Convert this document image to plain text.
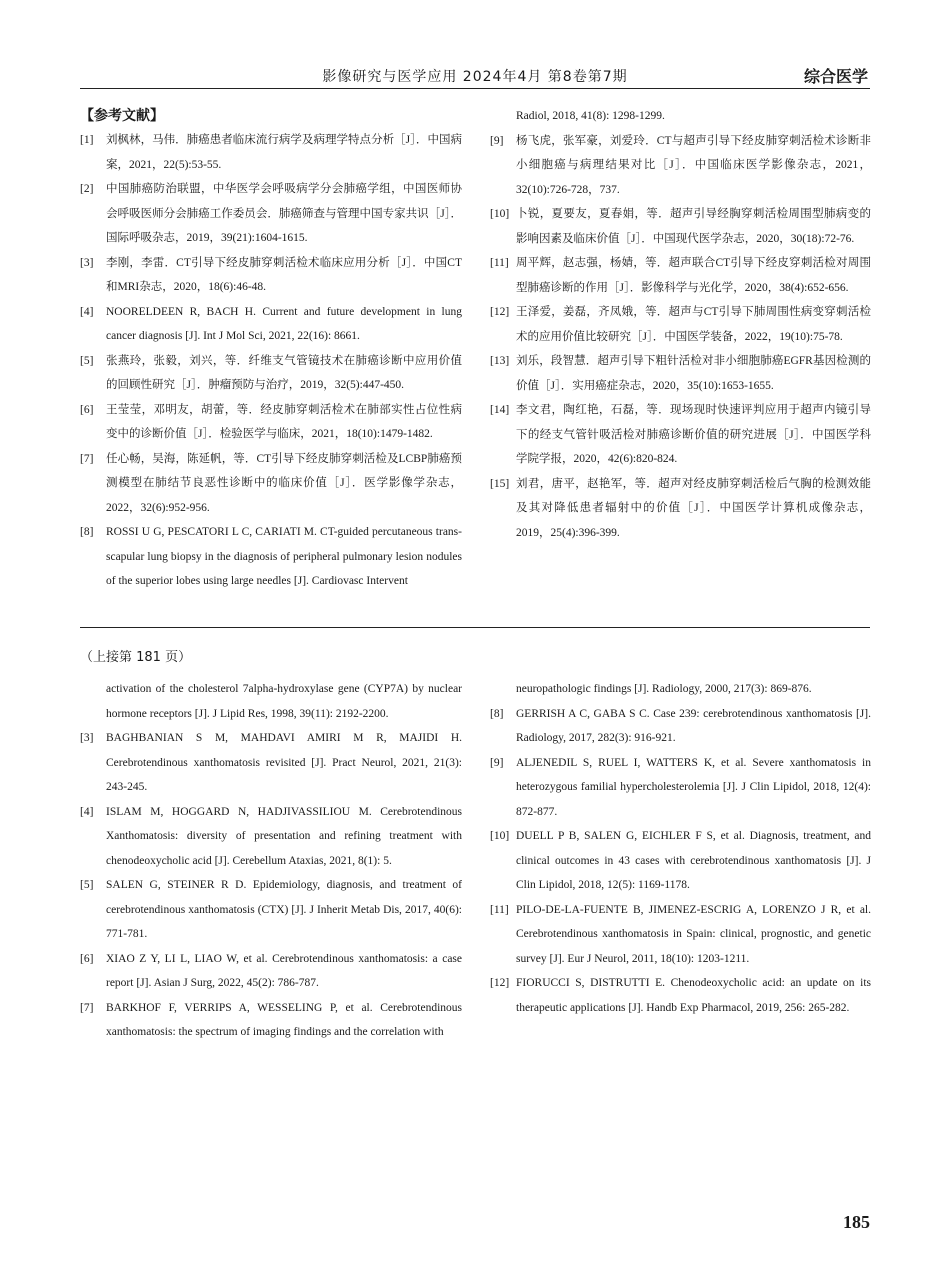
影像研究与医学应用 2024年4月 第8卷第7期	综合医学

【参考文献】

[1] 刘枫林，马伟．肺癌患者临床流行病学及病理学特点分析［J］．中国病案，2021，22(5):53-55.

[2] 中国肺癌防治联盟，中华医学会呼吸病学分会肺癌学组，中国医师协会呼吸医师分会肺癌工作委员会．肺癌筛查与管理中国专家共识［J］．国际呼吸杂志，2019，39(21):1604-1615.

[3] 李刚，李雷．CT引导下经皮肺穿刺活检术临床应用分析［J］．中国CT和MRI杂志，2020，18(6):46-48.

[4] NOORELDEEN R, BACH H. Current and future development in lung cancer diagnosis [J]. Int J Mol Sci, 2021, 22(16): 8661.

[5] 张燕玲，张毅，刘兴，等．纤维支气管镜技术在肺癌诊断中应用价值的回顾性研究［J］．肿瘤预防与治疗，2019，32(5):447-450.

[6] 王莹莹，邓明友，胡蕾，等．经皮肺穿刺活检术在肺部实性占位性病变中的诊断价值［J］．检验医学与临床，2021，18(10):1479-1482.

[7] 任心畅，吴海，陈延帆，等．CT引导下经皮肺穿刺活检及LCBP肺癌预测模型在肺结节良恶性诊断中的临床价值［J］．医学影像学杂志，2022，32(6):952-956.

[8] ROSSI U G, PESCATORI L C, CARIATI M. CT-guided percutaneous trans-scapular lung biopsy in the diagnosis of peripheral pulmonary lesion nodules of the superior lobes using large needles [J]. Cardiovasc Intervent

Radiol, 2018, 41(8): 1298-1299.

[9] 杨飞虎，张军豪，刘爱玲．CT与超声引导下经皮肺穿刺活检术诊断非小细胞癌与病理结果对比［J］．中国临床医学影像杂志，2021，32(10):726-728，737.

[10] 卜锐，夏要友，夏春娟，等．超声引导经胸穿刺活检周围型肺病变的影响因素及临床价值［J］．中国现代医学杂志，2020，30(18):72-76.

[11] 周平辉，赵志强，杨婧，等．超声联合CT引导下经皮穿刺活检对周围型肺癌诊断的作用［J］．影像科学与光化学，2020，38(4):652-656.

[12] 王泽爱，姜磊，齐凤娥，等．超声与CT引导下肺周围性病变穿刺活检术的应用价值比较研究［J］．中国医学装备，2022，19(10):75-78.

[13] 刘乐，段智慧．超声引导下粗针活检对非小细胞肺癌EGFR基因检测的价值［J］．实用癌症杂志，2020，35(10):1653-1655.

[14] 李文君，陶红艳，石磊，等．现场现时快速评判应用于超声内镜引导下的经支气管针吸活检对肺癌诊断价值的研究进展［J］．中国医学科学院学报，2020，42(6):820-824.

[15] 刘君，唐平，赵艳军，等．超声对经皮肺穿刺活检后气胸的检测效能及其对降低患者辐射中的价值［J］．中国医学计算机成像杂志，2019，25(4):396-399.

（上接第 181 页）

activation of the cholesterol 7alpha-hydroxylase gene (CYP7A) by nuclear hormone receptors [J]. J Lipid Res, 1998, 39(11): 2192-2200.

[3] BAGHBANIAN S M, MAHDAVI AMIRI M R, MAJIDI H. Cerebrotendinous xanthomatosis revisited [J]. Pract Neurol, 2021, 21(3): 243-245.

[4] ISLAM M, HOGGARD N, HADJIVASSILIOU M. Cerebrotendinous Xanthomatosis: diversity of presentation and refining treatment with chenodeoxycholic acid [J]. Cerebellum Ataxias, 2021, 8(1): 5.

[5] SALEN G, STEINER R D. Epidemiology, diagnosis, and treatment of cerebrotendinous xanthomatosis (CTX) [J]. J Inherit Metab Dis, 2017, 40(6): 771-781.

[6] XIAO Z Y, LI L, LIAO W, et al. Cerebrotendinous xanthomatosis: a case report [J]. Asian J Surg, 2022, 45(2): 786-787.

[7] BARKHOF F, VERRIPS A, WESSELING P, et al. Cerebrotendinous xanthomatosis: the spectrum of imaging findings and the correlation with

neuropathologic findings [J]. Radiology, 2000, 217(3): 869-876.

[8] GERRISH A C, GABA S C. Case 239: cerebrotendinous xanthomatosis [J]. Radiology, 2017, 282(3): 916-921.

[9] ALJENEDIL S, RUEL I, WATTERS K, et al. Severe xanthomatosis in heterozygous familial hypercholesterolemia [J]. J Clin Lipidol, 2018, 12(4): 872-877.

[10] DUELL P B, SALEN G, EICHLER F S, et al. Diagnosis, treatment, and clinical outcomes in 43 cases with cerebrotendinous xanthomatosis [J]. J Clin Lipidol, 2018, 12(5): 1169-1178.

[11] PILO-DE-LA-FUENTE B, JIMENEZ-ESCRIG A, LORENZO J R, et al. Cerebrotendinous xanthomatosis in Spain: clinical, prognostic, and genetic survey [J]. Eur J Neurol, 2011, 18(10): 1203-1211.

[12] FIORUCCI S, DISTRUTTI E. Chenodeoxycholic acid: an update on its therapeutic applications [J]. Handb Exp Pharmacol, 2019, 256: 265-282.

185
